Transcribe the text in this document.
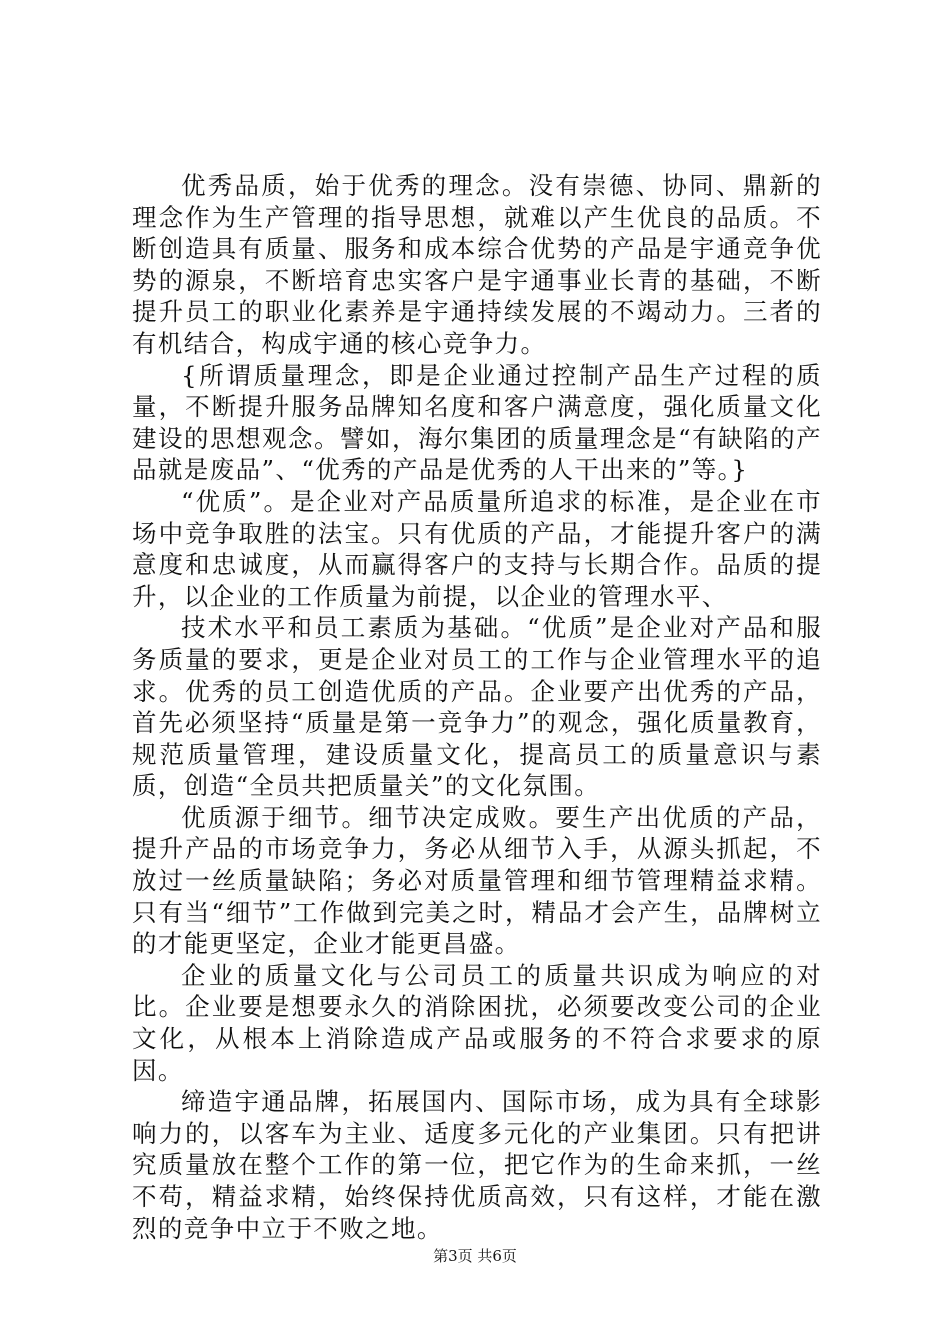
优秀品质，始于优秀的理念。没有崇德、协同、鼎新的理念作为生产管理的指导思想，就难以产生优良的品质。不断创造具有质量、服务和成本综合优势的产品是宇通竞争优势的源泉，不断培育忠实客户是宇通事业长青的基础，不断提升员工的职业化素养是宇通持续发展的不竭动力。三者的有机结合，构成宇通的核心竞争力。

{所谓质量理念，即是企业通过控制产品生产过程的质量，不断提升服务品牌知名度和客户满意度，强化质量文化建设的思想观念。譬如，海尔集团的质量理念是“有缺陷的产品就是废品”、“优秀的产品是优秀的人干出来的”等。}

“优质”。是企业对产品质量所追求的标准，是企业在市场中竞争取胜的法宝。只有优质的产品，才能提升客户的满意度和忠诚度，从而赢得客户的支持与长期合作。品质的提升，以企业的工作质量为前提，以企业的管理水平、

技术水平和员工素质为基础。“优质”是企业对产品和服务质量的要求，更是企业对员工的工作与企业管理水平的追求。优秀的员工创造优质的产品。企业要产出优秀的产品，首先必须坚持“质量是第一竞争力”的观念，强化质量教育，规范质量管理，建设质量文化，提高员工的质量意识与素质，创造“全员共把质量关”的文化氛围。

优质源于细节。细节决定成败。要生产出优质的产品，提升产品的市场竞争力，务必从细节入手，从源头抓起，不放过一丝质量缺陷；务必对质量管理和细节管理精益求精。只有当“细节”工作做到完美之时，精品才会产生，品牌树立的才能更坚定，企业才能更昌盛。

企业的质量文化与公司员工的质量共识成为响应的对比。企业要是想要永久的消除困扰，必须要改变公司的企业文化，从根本上消除造成产品或服务的不符合求要求的原因。

缔造宇通品牌，拓展国内、国际市场，成为具有全球影响力的，以客车为主业、适度多元化的产业集团。只有把讲究质量放在整个工作的第一位，把它作为的生命来抓，一丝不苟，精益求精，始终保持优质高效，只有这样，才能在激烈的竞争中立于不败之地。

第3页 共6页
